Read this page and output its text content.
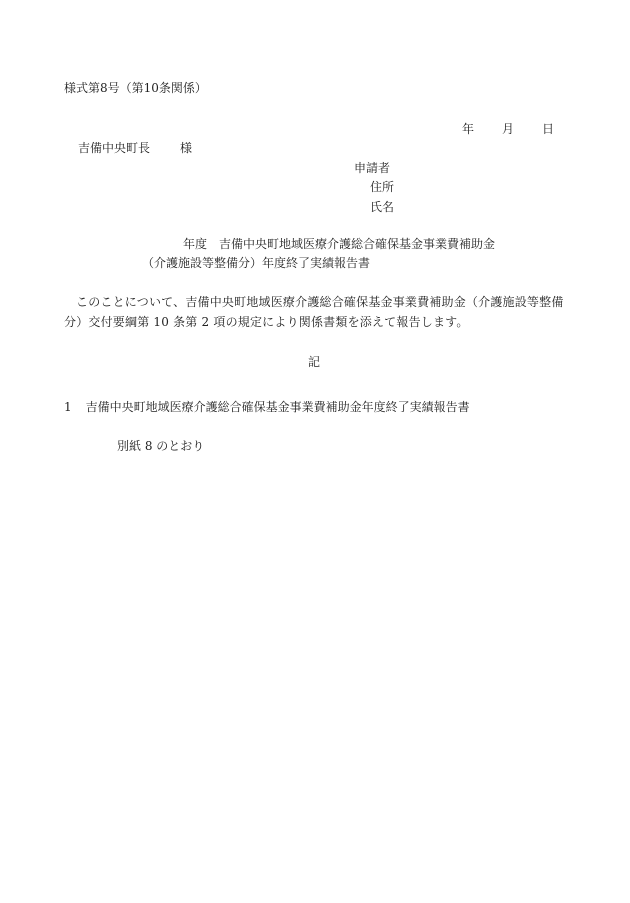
様式第8号（第10条関係）
年 月 日
吉備中央町長	様
申請者
住所
氏名
年度 吉備中央町地域医療介護総合確保基金事業費補助金
（介護施設等整備分）年度終了実績報告書
このことについて、吉備中央町地域医療介護総合確保基金事業費補助金（介護施設等整備分）交付要綱第 10 条第 2 項の規定により関係書類を添えて報告します。
記
1 吉備中央町地域医療介護総合確保基金事業費補助金年度終了実績報告書
別紙 8 のとおり
